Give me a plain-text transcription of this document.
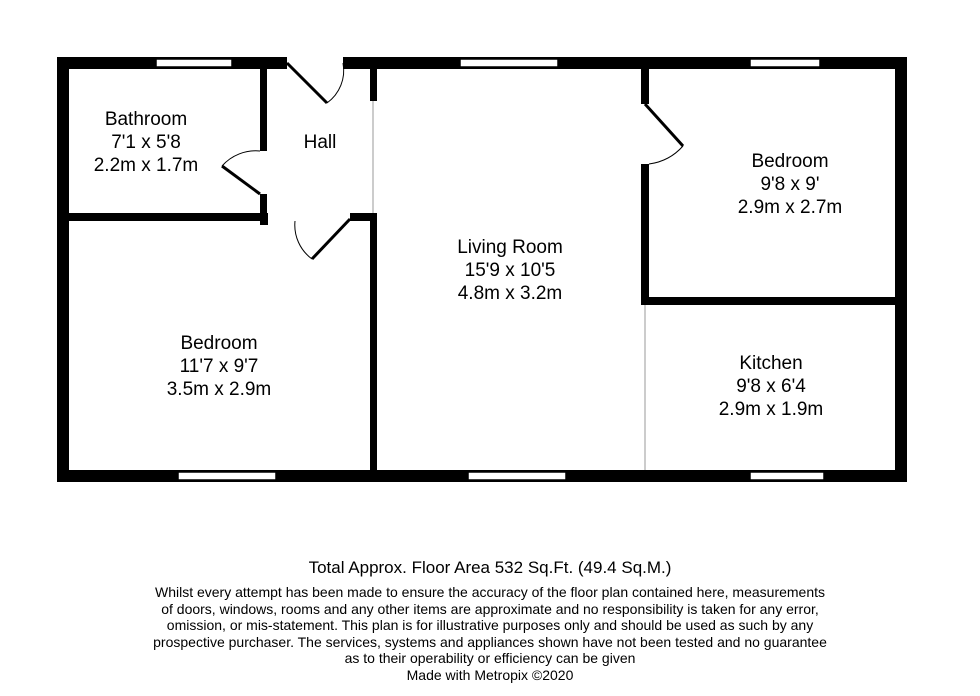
Bathroom
7'1 x 5'8
2.2m x 1.7m
Hall
Bedroom
9'8 x 9'
2.9m x 2.7m
Living Room
15'9 x 10'5
4.8m x 3.2m
Bedroom
11'7 x 9'7
3.5m x 2.9m
Kitchen
9'8 x 6'4
2.9m x 1.9m
Total Approx. Floor Area 532 Sq.Ft. (49.4 Sq.M.)
Whilst every attempt has been made to ensure the accuracy of the floor plan contained here, measurements
of doors, windows, rooms and any other items are approximate and no responsibility is taken for any error,
omission, or mis-statement. This plan is for illustrative purposes only and should be used as such by any
prospective purchaser. The services, systems and appliances shown have not been tested and no guarantee
as to their operability or efficiency can be given
Made with Metropix ©2020
